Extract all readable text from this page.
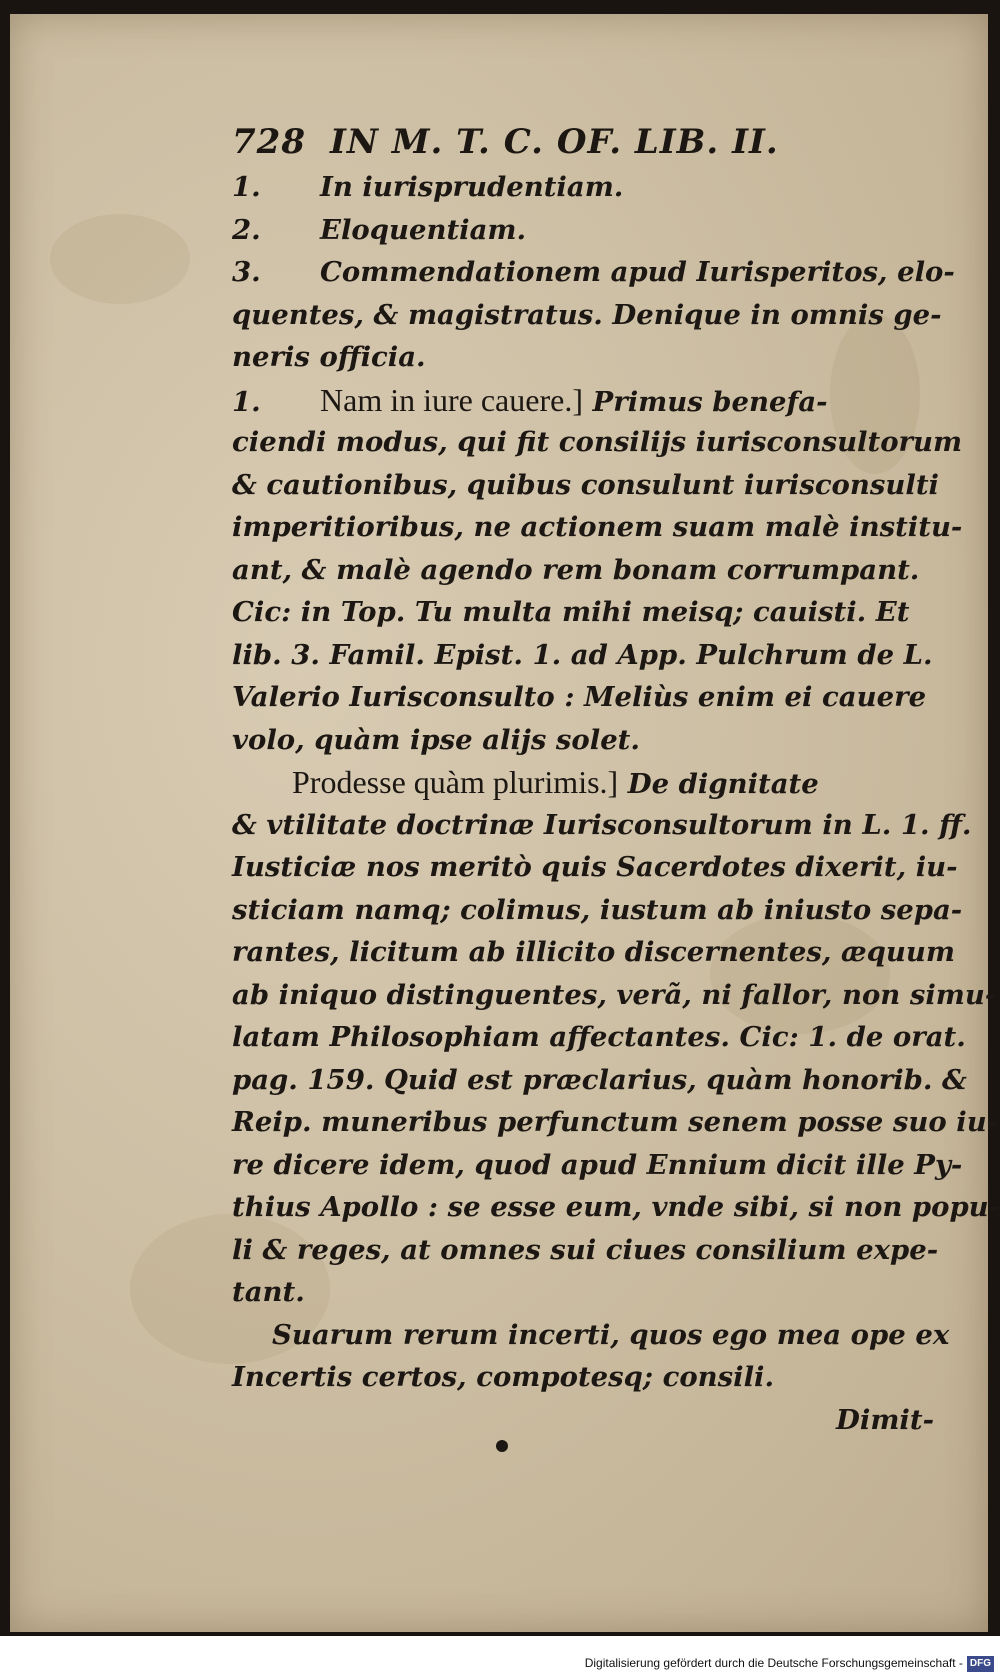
728 IN M. T. C. OF. LIB. II.
1. In iurisprudentiam.
2. Eloquentiam.
3. Commendationem apud Iurisperitos, elo-
quentes, & magistratus. Denique in omnis ge-
neris officia.
1. Nam in iure cauere.] Primus benefa-
ciendi modus, qui fit consilijs iurisconsultorum
& cautionibus, quibus consulunt iurisconsulti
imperitioribus, ne actionem suam malè institu-
ant, & malè agendo rem bonam corrumpant.
Cic: in Top. Tu multa mihi meisq; cauisti. Et
lib. 3. Famil. Epist. 1. ad App. Pulchrum de L.
Valerio Iurisconsulto : Meliùs enim ei cauere
volo, quàm ipse alijs solet.
Prodesse quàm plurimis.] De dignitate
& vtilitate doctrinæ Iurisconsultorum in L. 1. ff.
Iusticiæ nos meritò quis Sacerdotes dixerit, iu-
sticiam namq; colimus, iustum ab iniusto sepa-
rantes, licitum ab illicito discernentes, æquum
ab iniquo distinguentes, verã, ni fallor, non simu-
latam Philosophiam affectantes. Cic: 1. de orat.
pag. 159. Quid est præclarius, quàm honorib. &
Reip. muneribus perfunctum senem posse suo iu-
re dicere idem, quod apud Ennium dicit ille Py-
thius Apollo : se esse eum, vnde sibi, si non popu-
li & reges, at omnes sui ciues consilium expe-
tant.
Suarum rerum incerti, quos ego mea ope ex
Incertis certos, compotesq; consili.
Dimit-
Digitalisierung gefördert durch die Deutsche Forschungsgemeinschaft - DFG
